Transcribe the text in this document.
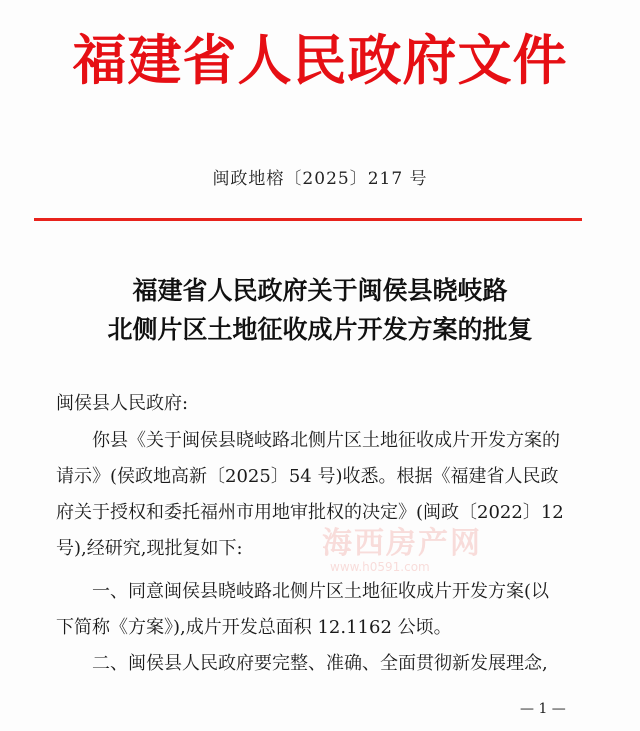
福建省人民政府文件
闽政地榕〔2025〕217 号
福建省人民政府关于闽侯县晓岐路
北侧片区土地征收成片开发方案的批复
闽侯县人民政府:
你县《关于闽侯县晓岐路北侧片区土地征收成片开发方案的
请示》(侯政地高新〔2025〕54 号)收悉。根据《福建省人民政
府关于授权和委托福州市用地审批权的决定》(闽政〔2022〕12
号),经研究,现批复如下:
一、同意闽侯县晓岐路北侧片区土地征收成片开发方案(以
下简称《方案》),成片开发总面积 12.1162 公顷。
二、闽侯县人民政府要完整、准确、全面贯彻新发展理念,
海西房产网
www.h0591.com
— 1 —
